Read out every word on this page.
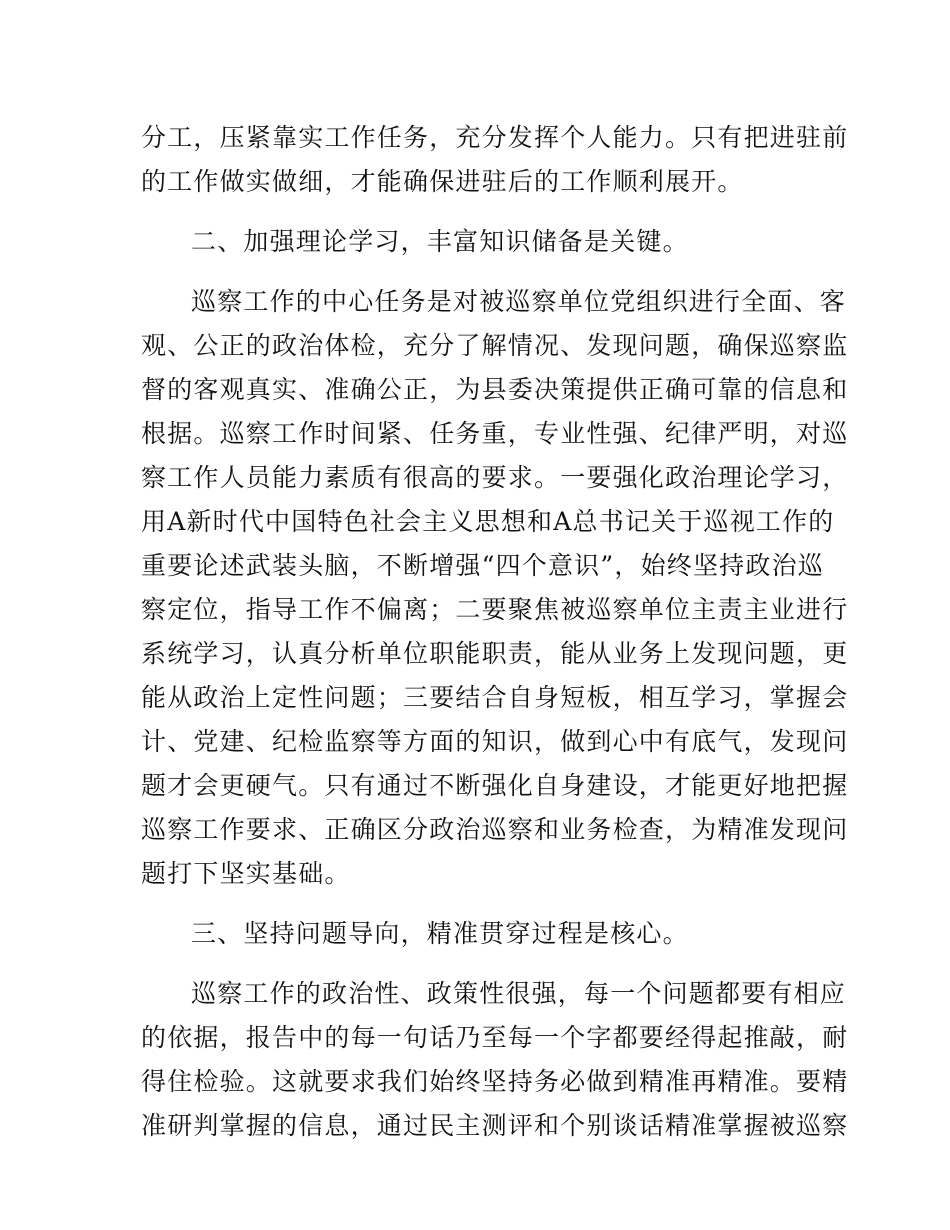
分工，压紧靠实工作任务，充分发挥个人能力。只有把进驻前
的工作做实做细，才能确保进驻后的工作顺利展开。
二、加强理论学习，丰富知识储备是关键。
巡察工作的中心任务是对被巡察单位党组织进行全面、客
观、公正的政治体检，充分了解情况、发现问题，确保巡察监
督的客观真实、准确公正，为县委决策提供正确可靠的信息和
根据。巡察工作时间紧、任务重，专业性强、纪律严明，对巡
察工作人员能力素质有很高的要求。一要强化政治理论学习，
用A新时代中国特色社会主义思想和A总书记关于巡视工作的
重要论述武装头脑，不断增强“四个意识”，始终坚持政治巡
察定位，指导工作不偏离；二要聚焦被巡察单位主责主业进行
系统学习，认真分析单位职能职责，能从业务上发现问题，更
能从政治上定性问题；三要结合自身短板，相互学习，掌握会
计、党建、纪检监察等方面的知识，做到心中有底气，发现问
题才会更硬气。只有通过不断强化自身建设，才能更好地把握
巡察工作要求、正确区分政治巡察和业务检查，为精准发现问
题打下坚实基础。
三、坚持问题导向，精准贯穿过程是核心。
巡察工作的政治性、政策性很强，每一个问题都要有相应
的依据，报告中的每一句话乃至每一个字都要经得起推敲，耐
得住检验。这就要求我们始终坚持务必做到精准再精准。要精
准研判掌握的信息，通过民主测评和个别谈话精准掌握被巡察
